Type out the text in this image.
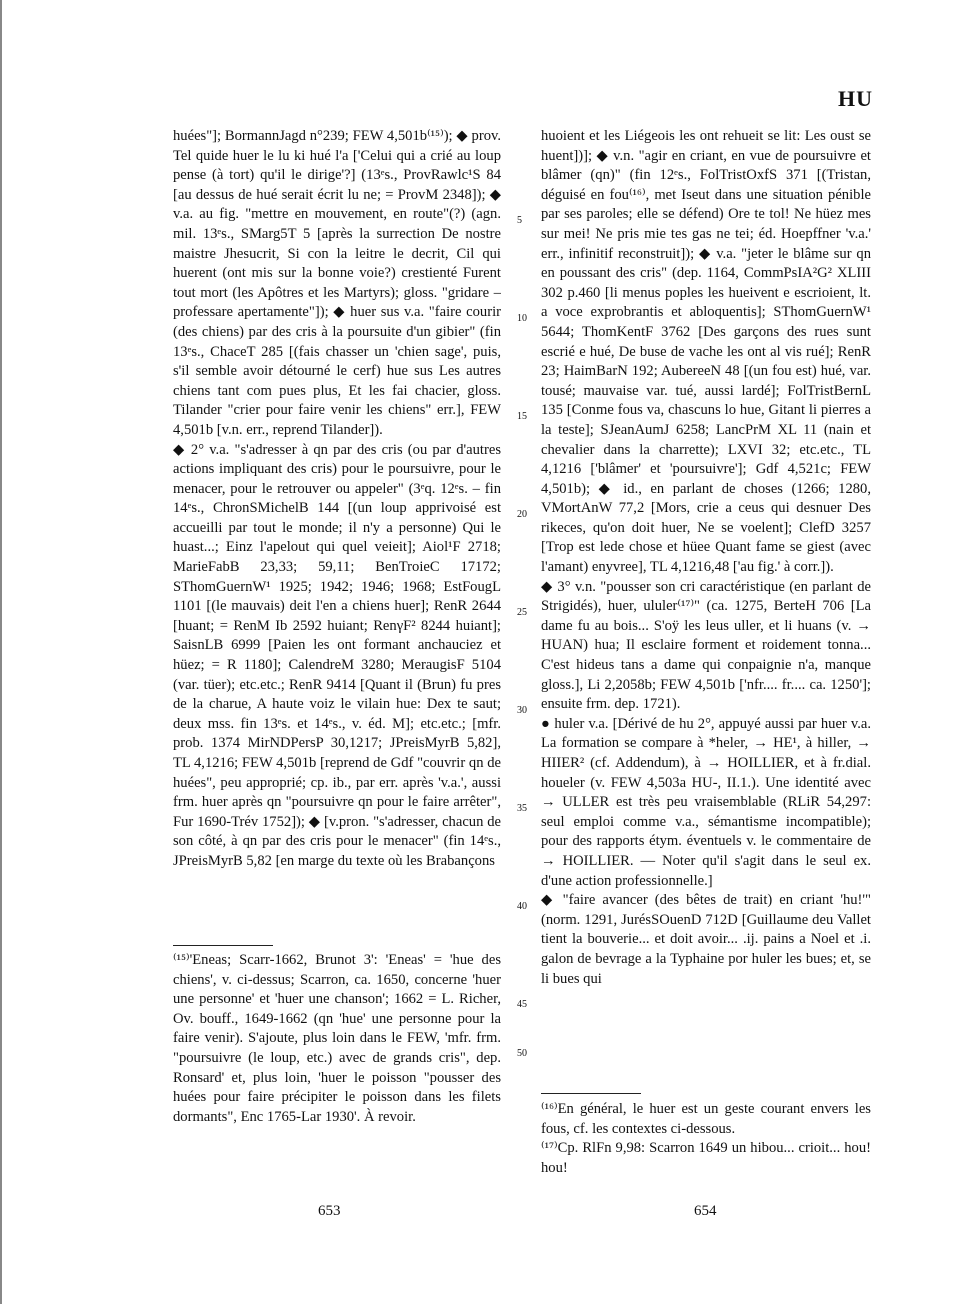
HU

huées"]; BormannJagd n°239; FEW 4,501b⁽¹⁵⁾); ◆ prov. Tel quide huer le lu ki hué l'a ['Celui qui a crié au loup pense (à tort) qu'il le dirige'?] (13ᵉs., ProvRawlc¹S 84 [au dessus de hué serait écrit lu ne; = ProvM 2348]); ◆ v.a. au fig. "mettre en mouvement, en route"(?) (agn. mil. 13ᵉs., SMarg5T 5 [après la surrection De nostre maistre Jhesucrit, Si con la leitre le decrit, Cil qui huerent (ont mis sur la bonne voie?) crestienté Furent tout mort (les Apôtres et les Martyrs); gloss. "gridare – professare apertamente"]); ◆ huer sus v.a. "faire courir (des chiens) par des cris à la poursuite d'un gibier" (fin 13ᵉs., ChaceT 285 [(fais chasser un 'chien sage', puis, s'il semble avoir détourné le cerf) hue sus Les autres chiens tant com pues plus, Et les fai chacier, gloss. Tilander "crier pour faire venir les chiens" err.], FEW 4,501b [v.n. err., reprend Tilander]).

◆ 2° v.a. "s'adresser à qn par des cris (ou par d'autres actions impliquant des cris) pour le poursuivre, pour le menacer, pour le retrouver ou appeler" (3ᵉq. 12ᵉs. – fin 14ᵉs., ChronSMichelB 144 [(un loup apprivoisé est accueilli par tout le monde; il n'y a personne) Qui le huast...; Einz l'apelout qui quel veieit]; Aiol¹F 2718; MarieFabB 23,33; 59,11; BenTroieC 17172; SThomGuernW¹ 1925; 1942; 1946; 1968; EstFougL 1101 [(le mauvais) deit l'en a chiens huer]; RenR 2644 [huant; = RenM Ib 2592 huiant; RenγF² 8244 huiant]; SaisnLB 6999 [Paien les ont formant anchauciez et hüez; = R 1180]; CalendreM 3280; MeraugisF 5104 (var. tüer); etc.etc.; RenR 9414 [Quant il (Brun) fu pres de la charue, A haute voiz le vilain hue: Dex te saut; deux mss. fin 13ᵉs. et 14ᵉs., v. éd. M]; etc.etc.; [mfr. prob. 1374 MirNDPersP 30,1217; JPreisMyrB 5,82], TL 4,1216; FEW 4,501b [reprend de Gdf "couvrir qn de huées", peu approprié; cp. ib., par err. après 'v.a.', aussi frm. huer après qn "poursuivre qn pour le faire arrêter", Fur 1690-Trév 1752]); ◆ [v.pron. "s'adresser, chacun de son côté, à qn par des cris pour le menacer" (fin 14ᵉs., JPreisMyrB 5,82 [en marge du texte où les Brabançons

⁽¹⁵⁾'Eneas; Scarr-1662, Brunot 3': 'Eneas' = 'hue des chiens', v. ci-dessus; Scarron, ca. 1650, concerne 'huer une personne' et 'huer une chanson'; 1662 = L. Richer, Ov. bouff., 1649-1662 (qn 'hue' une personne pour la faire venir). S'ajoute, plus loin dans le FEW, 'mfr. frm. "poursuivre (le loup, etc.) avec de grands cris", dep. Ronsard' et, plus loin, 'huer le poisson "pousser des huées pour faire précipiter le poisson dans les filets dormants", Enc 1765-Lar 1930'. À revoir.

5
10
15
20
25
30
35
40
45
50

huoient et les Liégeois les ont rehueit se lit: Les oust se huent])]; ◆ v.n. "agir en criant, en vue de poursuivre et blâmer (qn)" (fin 12ᵉs., FolTristOxfS 371 [(Tristan, déguisé en fou⁽¹⁶⁾, met Iseut dans une situation pénible par ses paroles; elle se défend) Ore te tol! Ne hüez mes sur mei! Ne pris mie tes gas ne tei; éd. Hoepffner 'v.a.' err., infinitif reconstruit]); ◆ v.a. "jeter le blâme sur qn en poussant des cris" (dep. 1164, CommPsIA²G² XLIII 302 p.460 [li menus poples les hueivent e escrioient, lt. a voce exprobrantis et abloquentis]; SThomGuernW¹ 5644; ThomKentF 3762 [Des garçons des rues sunt escrié e hué, De buse de vache les ont al vis rué]; RenR 23; HaimBarN 192; AubereeN 48 [(un fou est) hué, var. tousé; mauvaise var. tué, aussi lardé]; FolTristBernL 135 [Conme fous va, chascuns lo hue, Gitant li pierres a la teste]; SJeanAumJ 6258; LancPrM XL 11 (nain et chevalier dans la charrette); LXVI 32; etc.etc., TL 4,1216 ['blâmer' et 'poursuivre']; Gdf 4,521c; FEW 4,501b); ◆ id., en parlant de choses (1266; 1280, VMortAnW 77,2 [Mors, crie a ceus qui desnuer Des rikeces, qu'on doit huer, Ne se voelent]; ClefD 3257 [Trop est lede chose et hüee Quant fame se giest (avec l'amant) enyvree], TL 4,1216,48 ['au fig.' à corr.]).

◆ 3° v.n. "pousser son cri caractéristique (en parlant de Strigidés), huer, ululer⁽¹⁷⁾" (ca. 1275, BerteH 706 [La dame fu au bois... S'oÿ les leus uller, et li huans (v. → HUAN) hua; Il esclaire forment et roidement tonna... C'est hideus tans a dame qui conpaignie n'a, manque gloss.], Li 2,2058b; FEW 4,501b ['nfr.... fr.... ca. 1250']; ensuite frm. dep. 1721).

● huler v.a. [Dérivé de hu 2°, appuyé aussi par huer v.a. La formation se compare à *heler, → HE¹, à hiller, → HIIER² (cf. Addendum), à → HOILLIER, et à fr.dial. houeler (v. FEW 4,503a HU-, II.1.). Une identité avec → ULLER est très peu vraisemblable (RLiR 54,297: seul emploi comme v.a., sémantisme incompatible); pour des rapports étym. éventuels v. le commentaire de → HOILLIER. — Noter qu'il s'agit dans le seul ex. d'une action professionnelle.]

◆ "faire avancer (des bêtes de trait) en criant 'hu!'" (norm. 1291, JurésSOuenD 712D [Guillaume deu Vallet tient la bouverie... et doit avoir... .ij. pains a Noel et .i. galon de bevrage a la Typhaine por huler les bues; et, se li bues qui

⁽¹⁶⁾En général, le huer est un geste courant envers les fous, cf. les contextes ci-dessous.

⁽¹⁷⁾Cp. RlFn 9,98: Scarron 1649 un hibou... crioit... hou! hou!

653	654
